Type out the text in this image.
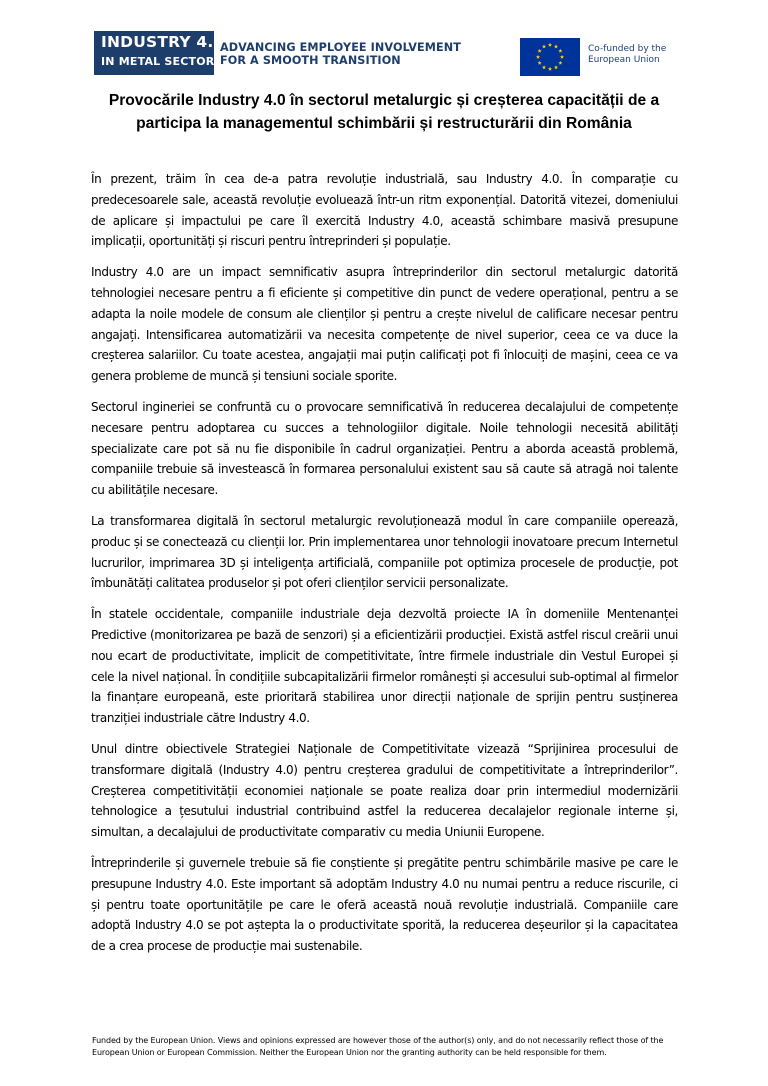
INDUSTRY 4.0
IN METAL SECTOR
ADVANCING EMPLOYEE INVOLVEMENT
FOR A SMOOTH TRANSITION
Co-funded by the
European Union
Provocările Industry 4.0 în sectorul metalurgic și creșterea capacității de a
participa la managementul schimbării și restructurării din România

În prezent, trăim în cea de-a patra revoluție industrială, sau Industry 4.0. În comparație cu predecesoarele sale, această revoluție evoluează într-un ritm exponențial. Datorită vitezei, domeniului de aplicare și impactului pe care îl exercită Industry 4.0, această schimbare masivă presupune implicații, oportunități și riscuri pentru întreprinderi și populație.

Industry 4.0 are un impact semnificativ asupra întreprinderilor din sectorul metalurgic datorită tehnologiei necesare pentru a fi eficiente și competitive din punct de vedere operațional, pentru a se adapta la noile modele de consum ale clienților și pentru a crește nivelul de calificare necesar pentru angajați. Intensificarea automatizării va necesita competențe de nivel superior, ceea ce va duce la creșterea salariilor. Cu toate acestea, angajații mai puțin calificați pot fi înlocuiți de mașini, ceea ce va genera probleme de muncă și tensiuni sociale sporite.

Sectorul ingineriei se confruntă cu o provocare semnificativă în reducerea decalajului de competențe necesare pentru adoptarea cu succes a tehnologiilor digitale. Noile tehnologii necesită abilități specializate care pot să nu fie disponibile în cadrul organizației. Pentru a aborda această problemă, companiile trebuie să investească în formarea personalului existent sau să caute să atragă noi talente cu abilitățile necesare.

La transformarea digitală în sectorul metalurgic revoluționează modul în care companiile operează, produc și se conectează cu clienții lor. Prin implementarea unor tehnologii inovatoare precum Internetul lucrurilor, imprimarea 3D și inteligența artificială, companiile pot optimiza procesele de producție, pot îmbunătăți calitatea produselor și pot oferi clienților servicii personalizate.

În statele occidentale, companiile industriale deja dezvoltă proiecte IA în domeniile Mentenanței Predictive (monitorizarea pe bază de senzori) și a eficientizării producției. Există astfel riscul creării unui nou ecart de productivitate, implicit de competitivitate, între firmele industriale din Vestul Europei și cele la nivel național. În condițiile subcapitalizării firmelor românești și accesului sub-optimal al firmelor la finanțare europeană, este prioritară stabilirea unor direcții naționale de sprijin pentru susținerea tranziției industriale către Industry 4.0.

Unul dintre obiectivele Strategiei Naționale de Competitivitate vizează “Sprijinirea procesului de transformare digitală (Industry 4.0) pentru creșterea gradului de competitivitate a întreprinderilor”. Creșterea competitivității economiei naționale se poate realiza doar prin intermediul modernizării tehnologice a țesutului industrial contribuind astfel la reducerea decalajelor regionale interne și, simultan, a decalajului de productivitate comparativ cu media Uniunii Europene.

Întreprinderile și guvernele trebuie să fie conștiente și pregătite pentru schimbările masive pe care le presupune Industry 4.0. Este important să adoptăm Industry 4.0 nu numai pentru a reduce riscurile, ci și pentru toate oportunitățile pe care le oferă această nouă revoluție industrială. Companiile care adoptă Industry 4.0 se pot aștepta la o productivitate sporită, la reducerea deșeurilor și la capacitatea de a crea procese de producție mai sustenabile.

Funded by the European Union. Views and opinions expressed are however those of the author(s) only, and do not necessarily reflect those of the European Union or European Commission. Neither the European Union nor the granting authority can be held responsible for them.
